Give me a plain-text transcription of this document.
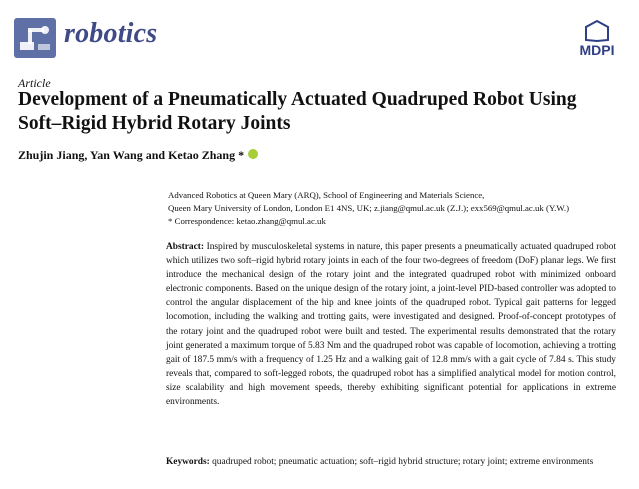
robotics
MDPI
Article
Development of a Pneumatically Actuated Quadruped Robot Using Soft–Rigid Hybrid Rotary Joints
Zhujin Jiang, Yan Wang and Ketao Zhang *
Advanced Robotics at Queen Mary (ARQ), School of Engineering and Materials Science,
Queen Mary University of London, London E1 4NS, UK; z.jiang@qmul.ac.uk (Z.J.); exx569@qmul.ac.uk (Y.W.)
* Correspondence: ketao.zhang@qmul.ac.uk
Abstract: Inspired by musculoskeletal systems in nature, this paper presents a pneumatically actuated quadruped robot which utilizes two soft–rigid hybrid rotary joints in each of the four two-degrees of freedom (DoF) planar legs. We first introduce the mechanical design of the rotary joint and the integrated quadruped robot with minimized onboard electronic components. Based on the unique design of the rotary joint, a joint-level PID-based controller was adopted to control the angular displacement of the hip and knee joints of the quadruped robot. Typical gait patterns for legged locomotion, including the walking and trotting gaits, were investigated and designed. Proof-of-concept prototypes of the rotary joint and the quadruped robot were built and tested. The experimental results demonstrated that the rotary joint generated a maximum torque of 5.83 Nm and the quadruped robot was capable of locomotion, achieving a trotting gait of 187.5 mm/s with a frequency of 1.25 Hz and a walking gait of 12.8 mm/s with a gait cycle of 7.84 s. This study reveals that, compared to soft-legged robots, the quadruped robot has a simplified analytical model for motion control, size scalability and high movement speeds, thereby exhibiting significant potential for applications in extreme environments.
Keywords: quadruped robot; pneumatic actuation; soft–rigid hybrid structure; rotary joint; extreme environments
